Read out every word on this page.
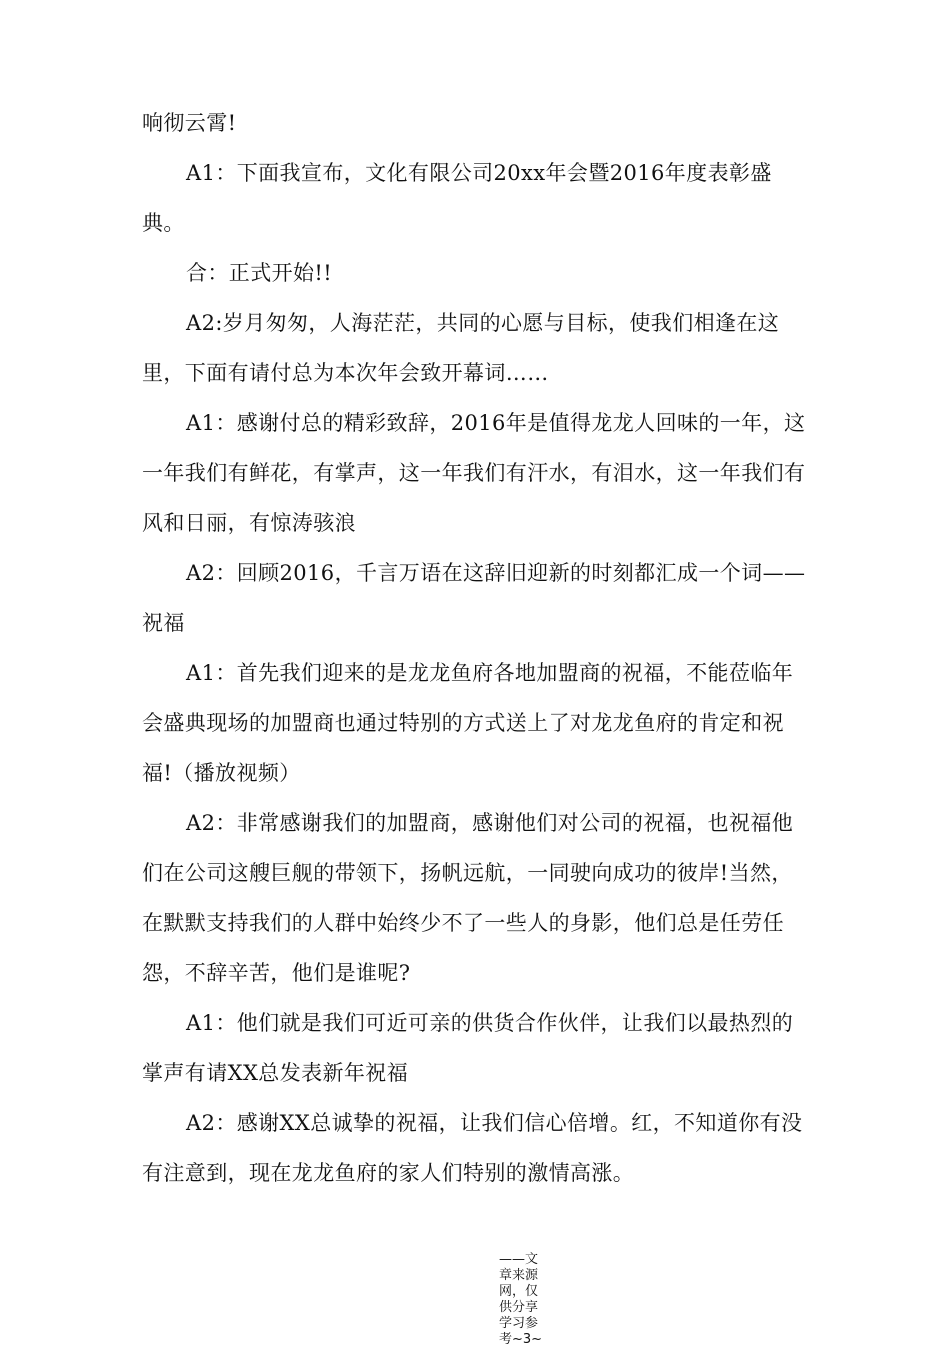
响彻云霄!

A1：下面我宣布，文化有限公司20xx年会暨2016年度表彰盛典。

合：正式开始!!

A2:岁月匆匆，人海茫茫，共同的心愿与目标，使我们相逢在这里，下面有请付总为本次年会致开幕词……

A1：感谢付总的精彩致辞，2016年是值得龙龙人回味的一年，这一年我们有鲜花，有掌声，这一年我们有汗水，有泪水，这一年我们有风和日丽，有惊涛骇浪

A2：回顾2016，千言万语在这辞旧迎新的时刻都汇成一个词——祝福

A1：首先我们迎来的是龙龙鱼府各地加盟商的祝福，不能莅临年会盛典现场的加盟商也通过特别的方式送上了对龙龙鱼府的肯定和祝福!（播放视频）

A2：非常感谢我们的加盟商，感谢他们对公司的祝福，也祝福他们在公司这艘巨舰的带领下，扬帆远航，一同驶向成功的彼岸!当然，在默默支持我们的人群中始终少不了一些人的身影，他们总是任劳任怨，不辞辛苦，他们是谁呢?

A1：他们就是我们可近可亲的供货合作伙伴，让我们以最热烈的掌声有请XX总发表新年祝福

A2：感谢XX总诚挚的祝福，让我们信心倍增。红，不知道你有没有注意到，现在龙龙鱼府的家人们特别的激情高涨。

——文章来源网，仅供分享学习参考~3~
